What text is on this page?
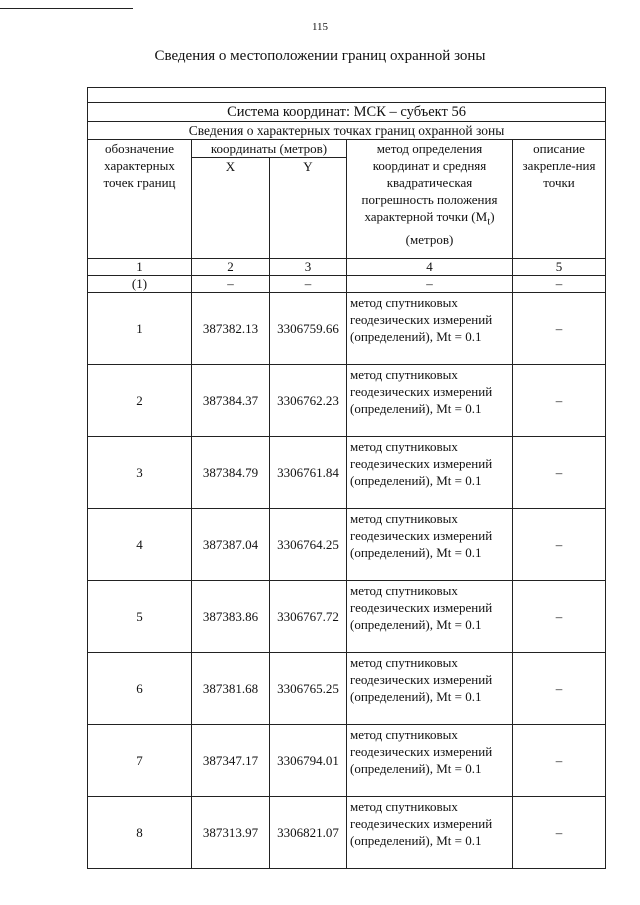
115
Сведения о местоположении границ охранной зоны

Система координат: МСК – субъект 56				
Сведения о характерных точках границ охранной зоны				
обозначение характерных точек границ	координаты (метров)		метод определения координат и средняя квадратическая погрешность положения характерной точки $(M_t)$ (метров)	описание закрепле-ния точки
	X	Y		
1	2	3	4	5
(1)	–	–	–	–
1	387382.13	3306759.66	метод спутниковых геодезических измерений (определений), Mt = 0.1	–
2	387384.37	3306762.23	метод спутниковых геодезических измерений (определений), Mt = 0.1	–
3	387384.79	3306761.84	метод спутниковых геодезических измерений (определений), Mt = 0.1	–
4	387387.04	3306764.25	метод спутниковых геодезических измерений (определений), Mt = 0.1	–
5	387383.86	3306767.72	метод спутниковых геодезических измерений (определений), Mt = 0.1	–
6	387381.68	3306765.25	метод спутниковых геодезических измерений (определений), Mt = 0.1	–
7	387347.17	3306794.01	метод спутниковых геодезических измерений (определений), Mt = 0.1	–
8	387313.97	3306821.07	метод спутниковых геодезических измерений (определений), Mt = 0.1	–
